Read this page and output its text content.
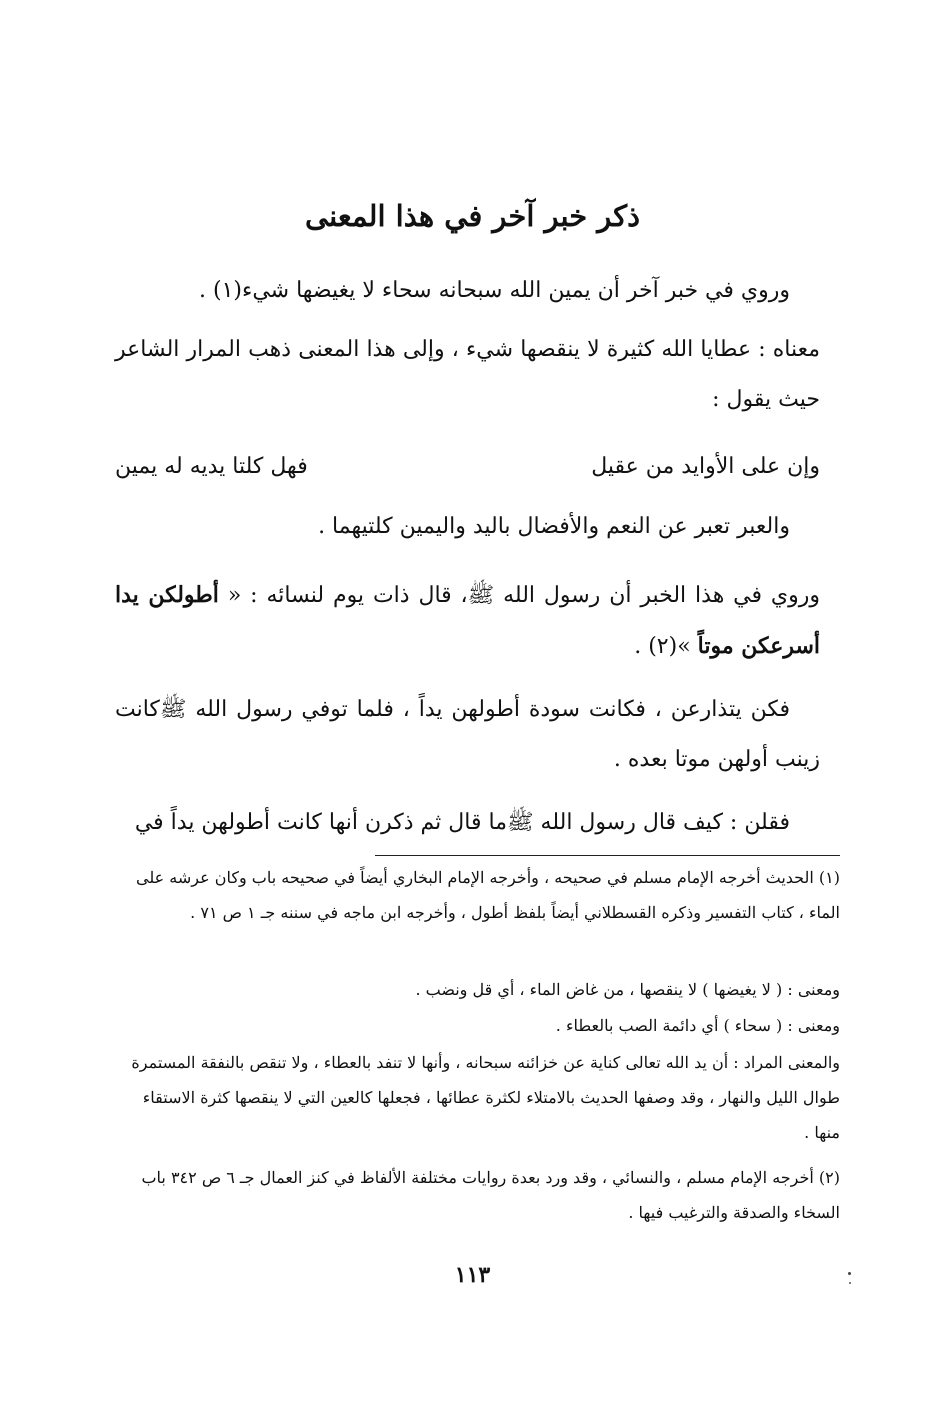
ذكر خبر آخر في هذا المعنى
وروي في خبر آخر أن يمين الله سبحانه سحاء لا يغيضها شيء(١) .
معناه : عطايا الله كثيرة لا ينقصها شيء ، وإلى هذا المعنى ذهب المرار الشاعر حيث يقول :
وإن على الأوايد من عقيل
فهل كلتا يديه له يمين
والعبر تعبر عن النعم والأفضال باليد واليمين كلتيهما .
وروي في هذا الخبر أن رسول الله ﷺ، قال ذات يوم لنسائه : « أطولكن يدا أسرعكن موتاً »(٢) .
فكن يتذارعن ، فكانت سودة أطولهن يداً ، فلما توفي رسول الله ﷺكانت زينب أولهن موتا بعده .
فقلن : كيف قال رسول الله ﷺما قال ثم ذكرن أنها كانت أطولهن يداً في
(١) الحديث أخرجه الإمام مسلم في صحيحه ، وأخرجه الإمام البخاري أيضاً في صحيحه باب وكان عرشه على الماء ، كتاب التفسير وذكره القسطلاني أيضاً بلفظ أطول ، وأخرجه ابن ماجه في سننه جـ ١ ص ٧١ .
ومعنى : ( لا يغيضها ) لا ينقصها ، من غاض الماء ، أي قل ونضب .
ومعنى : ( سحاء ) أي دائمة الصب بالعطاء .
والمعنى المراد : أن يد الله تعالى كناية عن خزائنه سبحانه ، وأنها لا تنفد بالعطاء ، ولا تنقص بالنفقة المستمرة طوال الليل والنهار ، وقد وصفها الحديث بالامتلاء لكثرة عطائها ، فجعلها كالعين التي لا ينقصها كثرة الاستقاء منها .
(٢) أخرجه الإمام مسلم ، والنسائي ، وقد ورد بعدة روايات مختلفة الألفاظ في كنز العمال جـ ٦ ص ٣٤٢ باب السخاء والصدقة والترغيب فيها .
١١٣
